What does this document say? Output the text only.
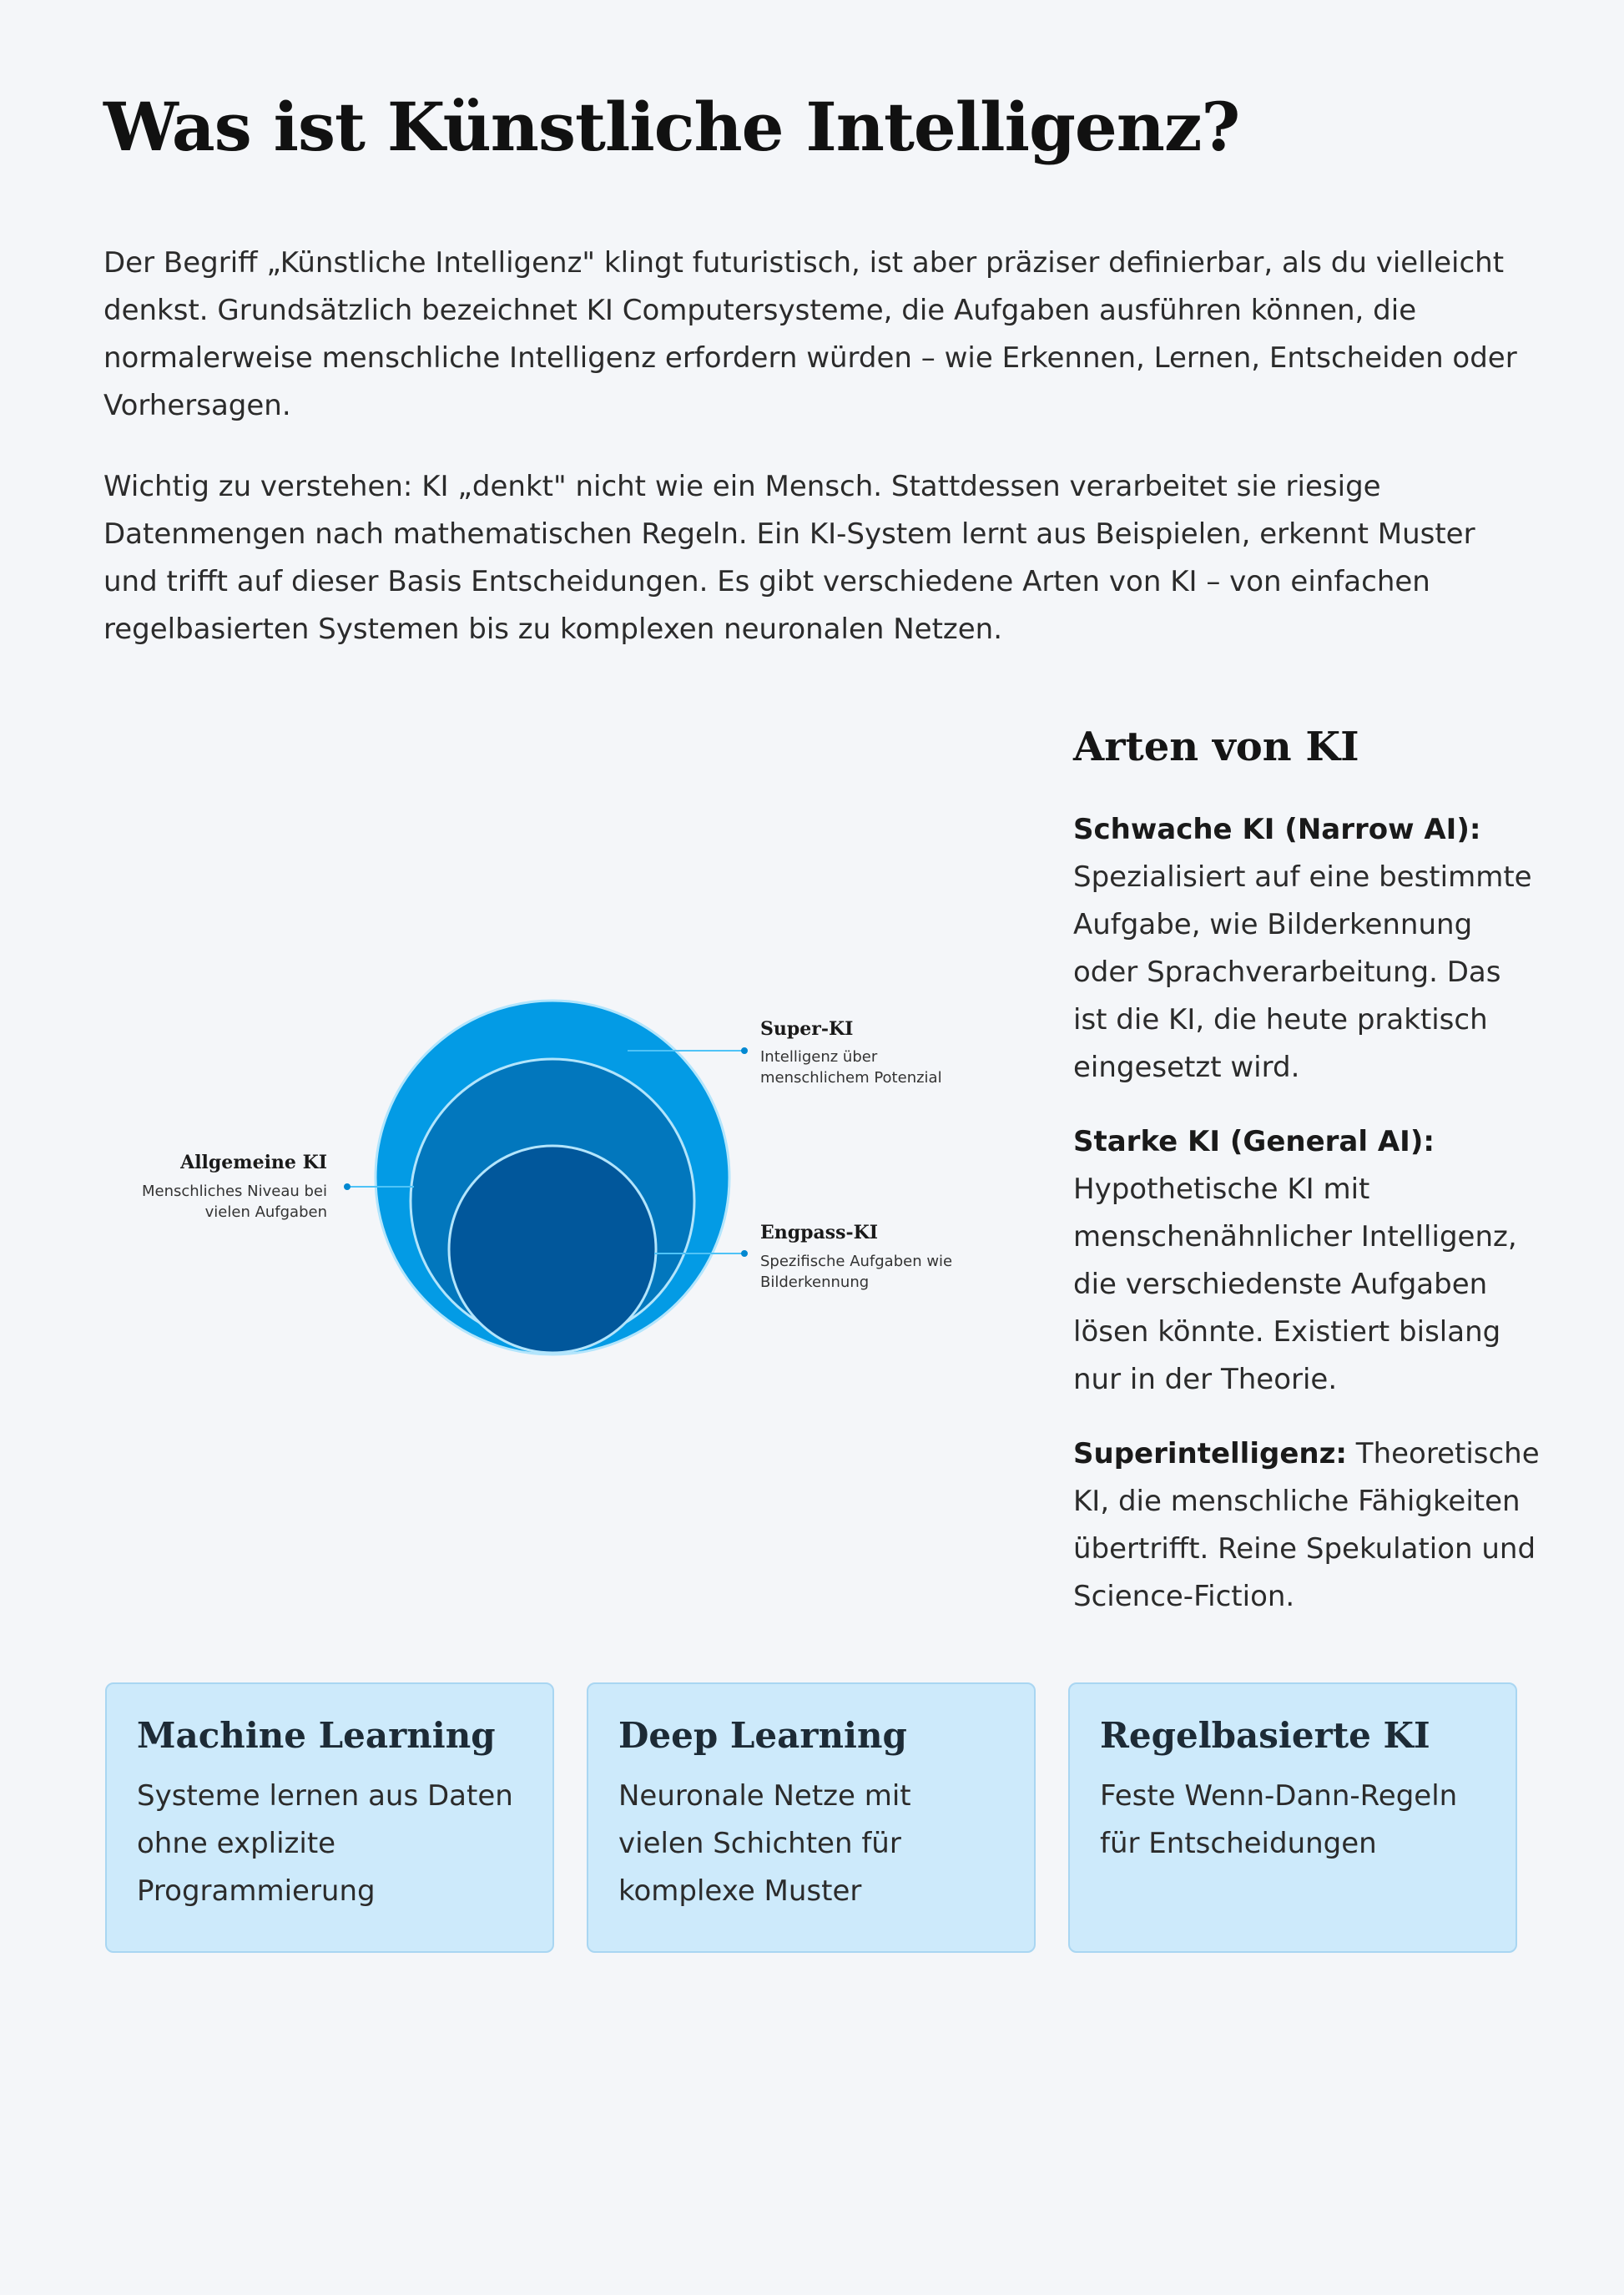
Was ist Künstliche Intelligenz?

Der Begriff „Künstliche Intelligenz" klingt futuristisch, ist aber präziser definierbar, als du vielleicht denkst. Grundsätzlich bezeichnet KI Computersysteme, die Aufgaben ausführen können, die normalerweise menschliche Intelligenz erfordern würden – wie Erkennen, Lernen, Entscheiden oder Vorhersagen.

Wichtig zu verstehen: KI „denkt" nicht wie ein Mensch. Stattdessen verarbeitet sie riesige Datenmengen nach mathematischen Regeln. Ein KI-System lernt aus Beispielen, erkennt Muster und trifft auf dieser Basis Entscheidungen. Es gibt verschiedene Arten von KI – von einfachen regelbasierten Systemen bis zu komplexen neuronalen Netzen.

Super-KI
Intelligenz über
menschlichem Potenzial
Allgemeine KI
Menschliches Niveau bei
vielen Aufgaben
Engpass-KI
Spezifische Aufgaben wie
Bilderkennung
Arten von KI
Schwache KI (Narrow AI): Spezialisiert auf eine bestimmte Aufgabe, wie Bilderkennung oder Sprachverarbeitung. Das ist die KI, die heute praktisch eingesetzt wird.
Starke KI (General AI): Hypothetische KI mit menschenähnlicher Intelligenz, die verschiedenste Aufgaben lösen könnte. Existiert bislang nur in der Theorie.
Superintelligenz: Theoretische KI, die menschliche Fähigkeiten übertrifft. Reine Spekulation und Science-Fiction.
Machine Learning
Systeme lernen aus Daten ohne explizite Programmierung
Deep Learning
Neuronale Netze mit vielen Schichten für komplexe Muster
Regelbasierte KI
Feste Wenn-Dann-Regeln für Entscheidungen
